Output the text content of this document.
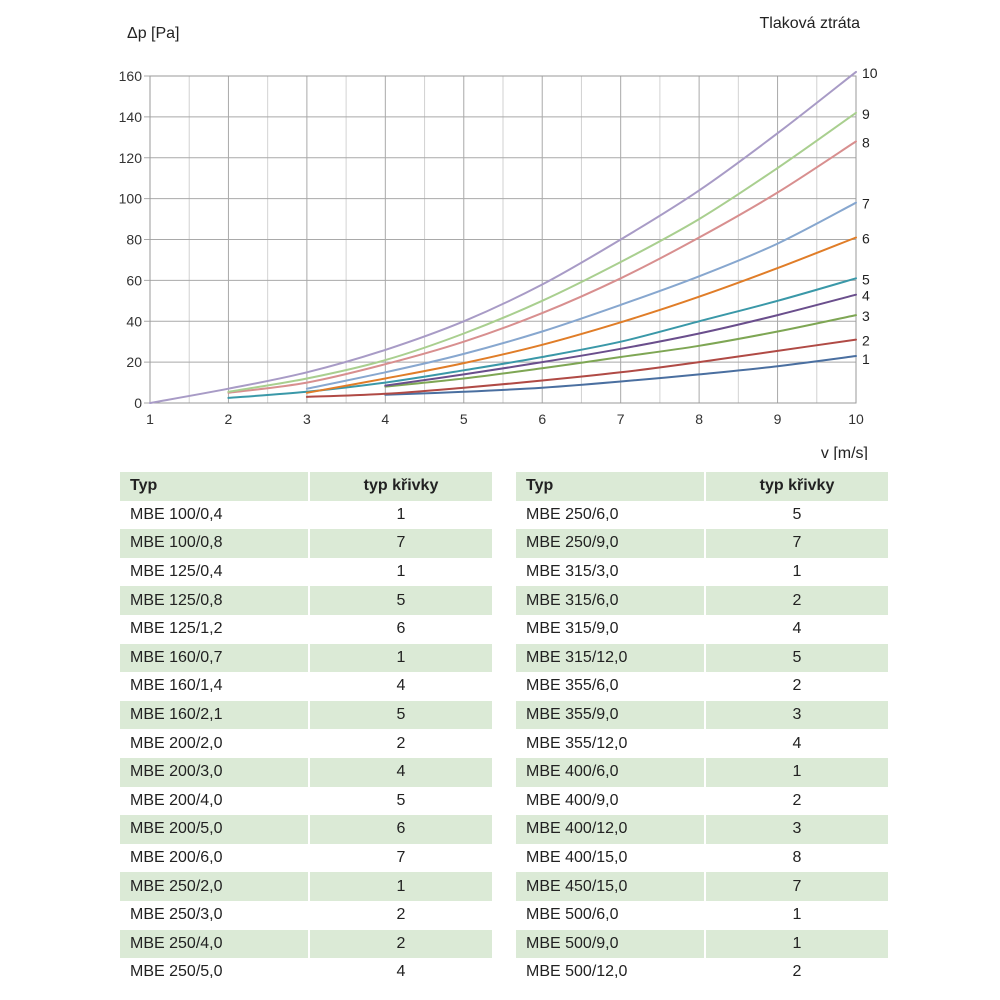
Δp [Pa]
Tlaková ztráta
v [m/s]
1	2	3	4	5	6	7	8	9	10
0
20
40
60
80
100
120
140
160
1
2
3
4
5
6
7
8
9
10
Typ	typ křivky
MBE 100/0,4	1
MBE 100/0,8	7
MBE 125/0,4	1
MBE 125/0,8	5
MBE 125/1,2	6
MBE 160/0,7	1
MBE 160/1,4	4
MBE 160/2,1	5
MBE 200/2,0	2
MBE 200/3,0	4
MBE 200/4,0	5
MBE 200/5,0	6
MBE 200/6,0	7
MBE 250/2,0	1
MBE 250/3,0	2
MBE 250/4,0	2
MBE 250/5,0	4
Typ	typ křivky
MBE 250/6,0	5
MBE 250/9,0	7
MBE 315/3,0	1
MBE 315/6,0	2
MBE 315/9,0	4
MBE 315/12,0	5
MBE 355/6,0	2
MBE 355/9,0	3
MBE 355/12,0	4
MBE 400/6,0	1
MBE 400/9,0	2
MBE 400/12,0	3
MBE 400/15,0	8
MBE 450/15,0	7
MBE 500/6,0	1
MBE 500/9,0	1
MBE 500/12,0	2
